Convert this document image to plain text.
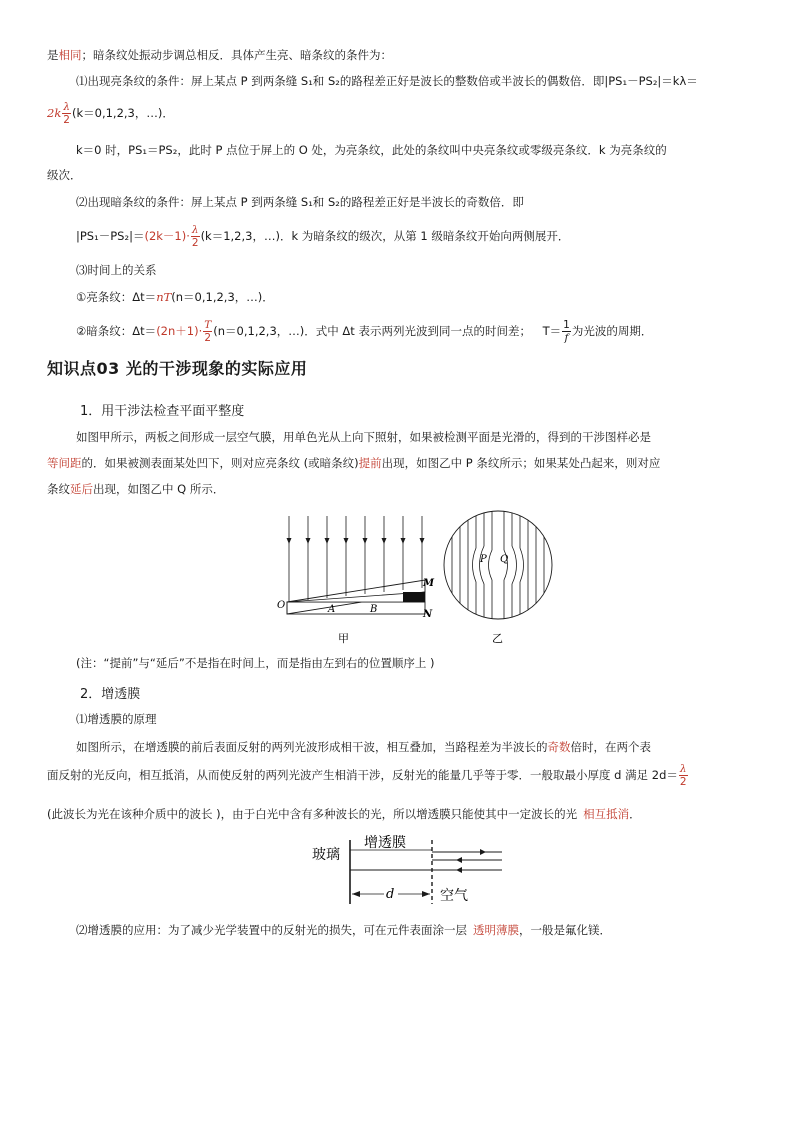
是相同；暗条纹处振动步调总相反．具体产生亮、暗条纹的条件为：
⑴出现亮条纹的条件：屏上某点 P 到两条缝 S₁和 S₂的路程差正好是波长的整数倍或半波长的偶数倍．即|PS₁－PS₂|＝kλ＝
$2k \frac{\lambda}{2} (k=0,1,2,3$，…)．
k＝0 时，PS₁＝PS₂，此时 P 点位于屏上的 O 处，为亮条纹，此处的条纹叫中央亮条纹或零级亮条纹．k 为亮条纹的
级次．
⑵出现暗条纹的条件：屏上某点 P 到两条缝 S₁和 S₂的路程差正好是半波长的奇数倍．即
$|PS_1-PS_2|=(2k-1)\cdot \frac{\lambda}{2} (k=1,2,3$，…)．k 为暗条纹的级次，从第 1 级暗条纹开始向两侧展开．
⑶时间上的关系
①亮条纹：Δt＝nT(n＝0,1,2,3，…)．
②暗条纹：$\Delta t=(2n+1)\cdot \frac{T}{2} (n=0,1,2,3$，…)．式中 Δt 表示两列光波到同一点的时间差； $T= \frac{1}{f}$ 为光波的周期．
知识点03 光的干涉现象的实际应用
1．用干涉法检查平面平整度
如图甲所示，两板之间形成一层空气膜，用单色光从上向下照射，如果被检测平面是光滑的，得到的干涉图样必是
等间距的．如果被测表面某处凹下，则对应亮条纹 (或暗条纹)提前出现，如图乙中 P 条纹所示；如果某处凸起来，则对应
条纹延后出现，如图乙中 Q 所示．
O	A	B
M
N
P Q
甲	乙
(注：“提前”与“延后”不是指在时间上，而是指由左到右的位置顺序上 )
2．增透膜
⑴增透膜的原理
如图所示，在增透膜的前后表面反射的两列光波形成相干波，相互叠加，当路程差为半波长的奇数倍时，在两个表
面反射的光反向，相互抵消，从而使反射的两列光波产生相消干涉，反射光的能量几乎等于零．一般取最小厚度 d 满足 $2d= \frac{\lambda}{2}$
(此波长为光在该种介质中的波长 )，由于白光中含有多种波长的光，所以增透膜只能使其中一定波长的光 相互抵消．
玻璃
增透膜
空气
d
⑵增透膜的应用：为了减少光学装置中的反射光的损失，可在元件表面涂一层 透明薄膜，一般是氟化镁．
